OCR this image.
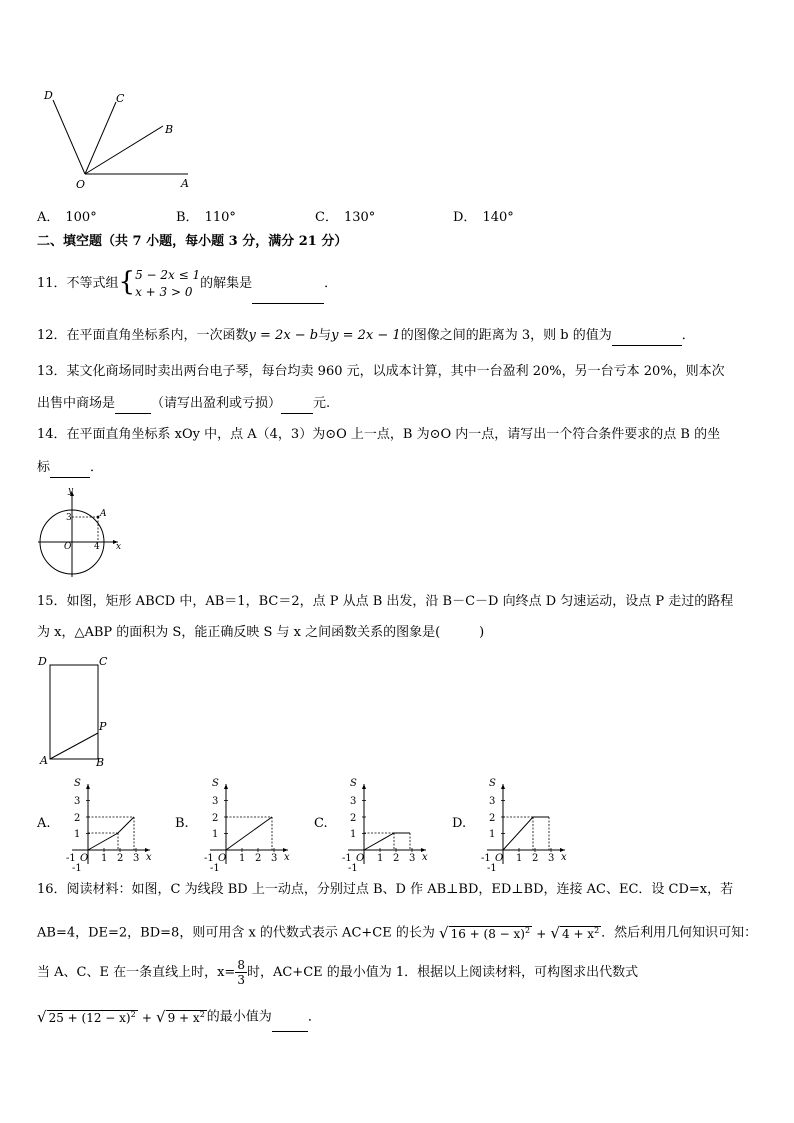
D	C
B
O	A
A． 100°	B． 110°	C． 130°	D． 140°
二、填空题（共 7 小题，每小题 3 分，满分 21 分）
11．不等式组{ 5 − 2x ≤ 1
x + 3 > 0
的解集是	．
12．在平面直角坐标系内，一次函数y = 2x − b与y = 2x − 1的图像之间的距离为 3，则 b 的值为	．
13．某文化商场同时卖出两台电子琴，每台均卖 960 元，以成本计算，其中一台盈利 20%，另一台亏本 20%，则本次
出售中商场是	（请写出盈利或亏损） 元.
14．在平面直角坐标系 xOy 中，点 A（4，3）为⊙O 上一点，B 为⊙O 内一点，请写出一个符合条件要求的点 B 的坐
标	．
y
x
A
O
3
4
15．如图，矩形 ABCD 中，AB＝1，BC＝2，点 P 从点 B 出发，沿 B－C－D 向终点 D 匀速运动，设点 P 走过的路程
为 x，△ABP 的面积为 S，能正确反映 S 与 x 之间函数关系的图象是(　　　)
D	C
P
A	B
A.	B.	C.	D.
S
x
O
-1
-1
1 2 3
1
2
3
S
x
O
-1
-1
1 2 3
1
2
3
S
x
O
-1
-1
1 2 3
1
2
3
S
x
O
-1
-1
1 2 3
1
2
3
16．阅读材料：如图，C 为线段 BD 上一动点，分别过点 B、D 作 AB⊥BD，ED⊥BD，连接 AC、EC．设 CD=x，若
AB=4，DE=2，BD=8，则可用含 x 的代数式表示 AC+CE 的长为 √ $16 + (8 - x)^2$ + √ $4 + x^2$ ．然后利用几何知识可知：
当 A、C、E 在一条直线上时，$x= \frac{8}{3}$ 时，AC+CE 的最小值为 1．根据以上阅读材料，可构图求出代数式
√ $25 + (12 - x)^2$ + √ $9 + x^2$ 的最小值为	．
